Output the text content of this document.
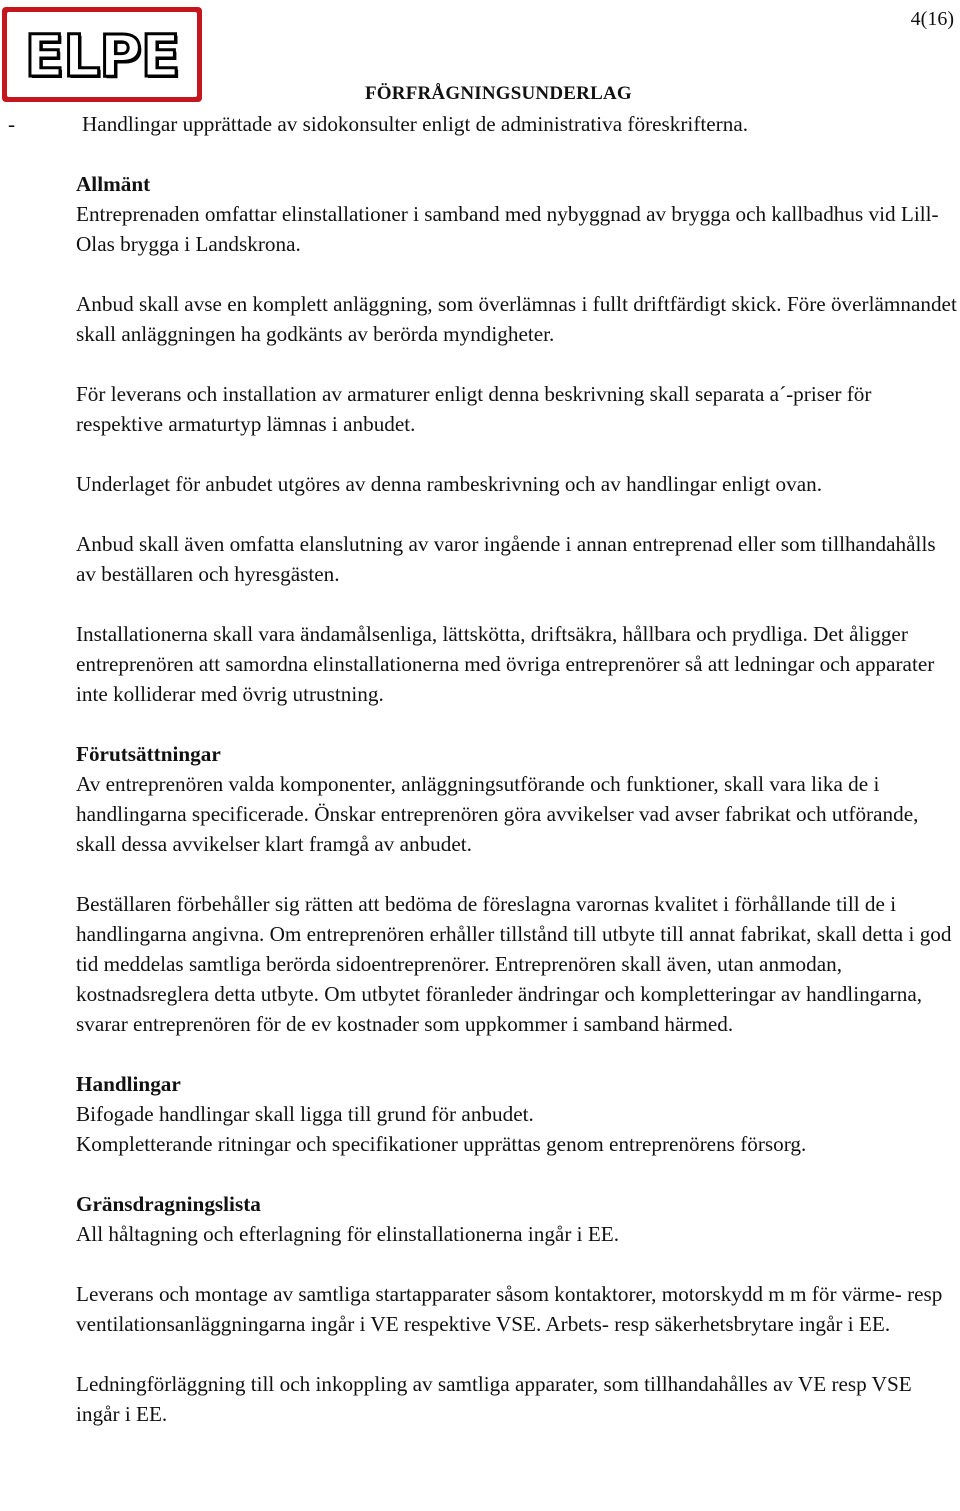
ELPE
4(16)
FÖRFRÅGNINGSUNDERLAG

-	Handlingar upprättade av sidokonsulter enligt de administrativa föreskrifterna.

Allmänt

Entreprenaden omfattar elinstallationer i samband med nybyggnad av brygga och kallbadhus vid Lill-Olas brygga i Landskrona.

Anbud skall avse en komplett anläggning, som överlämnas i fullt driftfärdigt skick. Före överlämnandet skall anläggningen ha godkänts av berörda myndigheter.

För leverans och installation av armaturer enligt denna beskrivning skall separata a´-priser för respektive armaturtyp lämnas i anbudet.

Underlaget för anbudet utgöres av denna rambeskrivning och av handlingar enligt ovan.

Anbud skall även omfatta elanslutning av varor ingående i annan entreprenad eller som tillhandahålls av beställaren och hyresgästen.

Installationerna skall vara ändamålsenliga, lättskötta, driftsäkra, hållbara och prydliga. Det åligger entreprenören att samordna elinstallationerna med övriga entreprenörer så att ledningar och apparater inte kolliderar med övrig utrustning.

Förutsättningar

Av entreprenören valda komponenter, anläggningsutförande och funktioner, skall vara lika de i handlingarna specificerade. Önskar entreprenören göra avvikelser vad avser fabrikat och utförande, skall dessa avvikelser klart framgå av anbudet.

Beställaren förbehåller sig rätten att bedöma de föreslagna varornas kvalitet i förhållande till de i handlingarna angivna. Om entreprenören erhåller tillstånd till utbyte till annat fabrikat, skall detta i god tid meddelas samtliga berörda sidoentreprenörer. Entreprenören skall även, utan anmodan, kostnadsreglera detta utbyte. Om utbytet föranleder ändringar och kompletteringar av handlingarna, svarar entreprenören för de ev kostnader som uppkommer i samband härmed.

Handlingar

Bifogade handlingar skall ligga till grund för anbudet.

Kompletterande ritningar och specifikationer upprättas genom entreprenörens försorg.

Gränsdragningslista

All håltagning och efterlagning för elinstallationerna ingår i EE.

Leverans och montage av samtliga startapparater såsom kontaktorer, motorskydd m m för värme- resp ventilationsanläggningarna ingår i VE respektive VSE. Arbets- resp säkerhetsbrytare ingår i EE.

Ledningförläggning till och inkoppling av samtliga apparater, som tillhandahålles av VE resp VSE ingår i EE.
